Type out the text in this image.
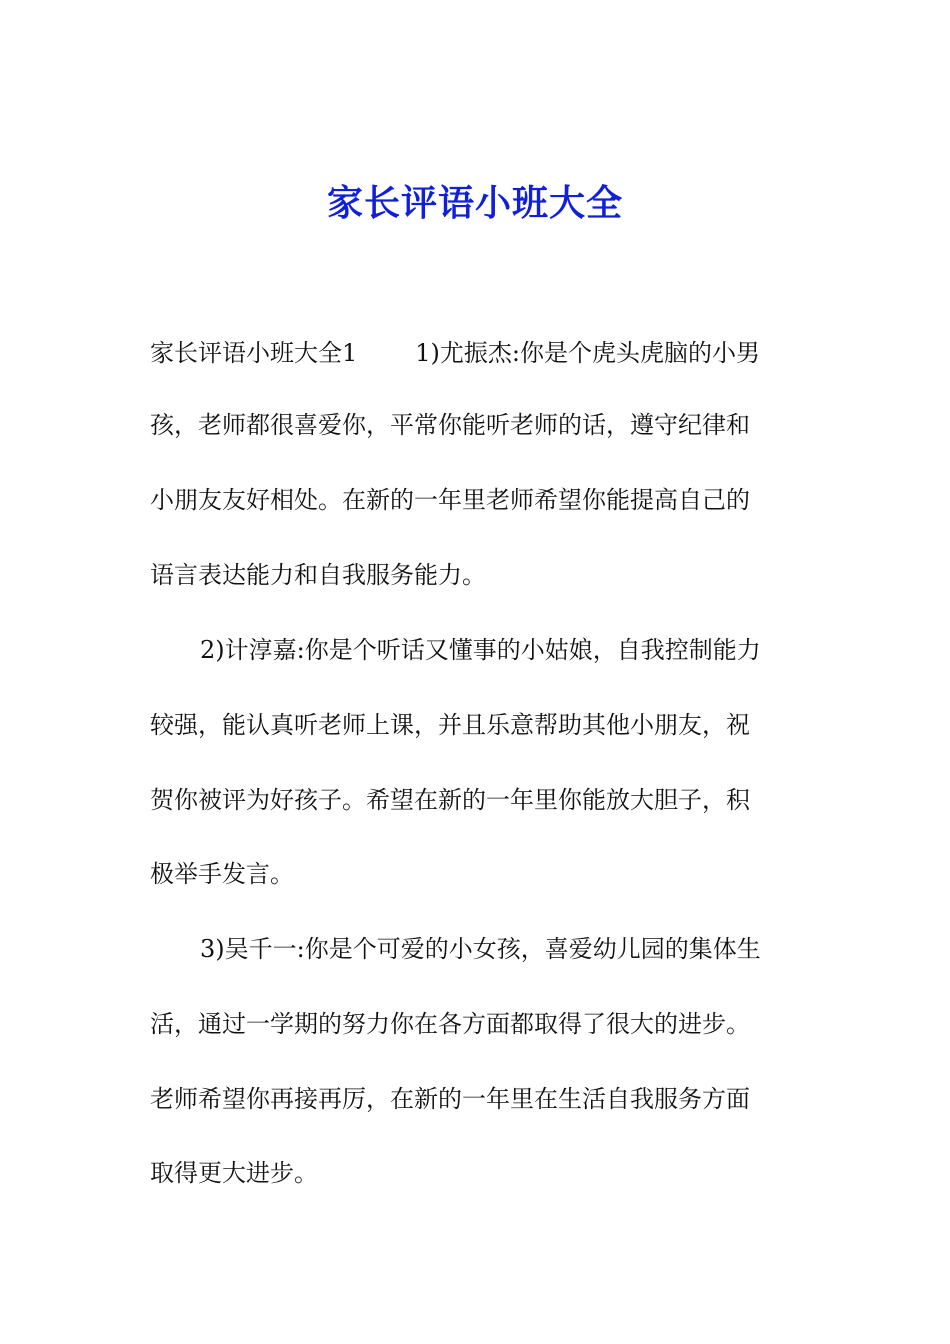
家长评语小班大全
家长评语小班大全1 1)尤振杰:你是个虎头虎脑的小男
孩，老师都很喜爱你，平常你能听老师的话，遵守纪律和
小朋友友好相处。在新的一年里老师希望你能提高自己的
语言表达能力和自我服务能力。
2)计淳嘉:你是个听话又懂事的小姑娘，自我控制能力
较强，能认真听老师上课，并且乐意帮助其他小朋友，祝
贺你被评为好孩子。希望在新的一年里你能放大胆子，积
极举手发言。
3)吴千一:你是个可爱的小女孩，喜爱幼儿园的集体生
活，通过一学期的努力你在各方面都取得了很大的进步。
老师希望你再接再厉，在新的一年里在生活自我服务方面
取得更大进步。
